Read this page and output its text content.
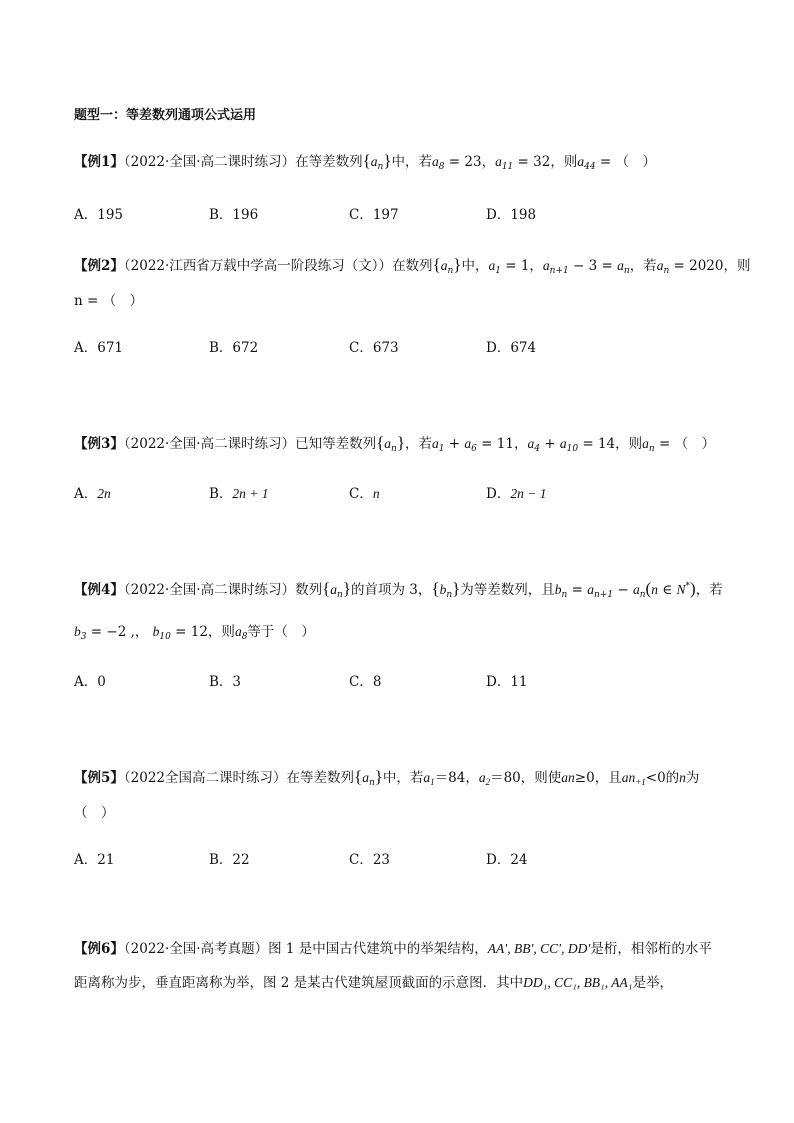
题型一：等差数列通项公式运用
【例1】（2022·全国·高二课时练习）在等差数列$\{a_n\}$中，若$a_8 = 23$，$a_{11} = 32$，则$a_{44}$ = （　）
A．195	B．196	C．197	D．198
【例2】（2022·江西省万载中学高一阶段练习（文））在数列$\{a_n\}$中，$a_1 = 1$，$a_{n+1} - 3 = a_n$，若$a_n = 2020$，则
n = （　）
A．671	B．672	C．673	D．674
【例3】（2022·全国·高二课时练习）已知等差数列$\{a_n\}$，若$a_1 + a_6 = 11$，$a_4 + a_{10} = 14$，则$a_n$ = （　）
A．2n	B．2n + 1	C．n	D．2n − 1
【例4】（2022·全国·高二课时练习）数列$\{a_n\}$的首项为 3，$\{b_n\}$为等差数列，且$b_n = a_{n+1} - a_n(n$ ∈ N*)，若
$b_3 = -2$ ,， $b_{10} = 12$，则$a_8$等于（　）
A．0	B．3	C．8	D．11
【例5】（2022全国高二课时练习）在等差数列$\{a_n\}$中，若$a_1=84$，$a_2=80$，则使an≥0，且$an_{+1}<0$的n为
（　）
A．21	B．22	C．23	D．24
【例6】（2022·全国·高考真题）图 1 是中国古代建筑中的举架结构，AA′, BB′, CC′, DD′是桁，相邻桁的水平
距离称为步，垂直距离称为举，图 2 是某古代建筑屋顶截面的示意图．其中DD₁, CC₁, BB₁, AA₁是举，
